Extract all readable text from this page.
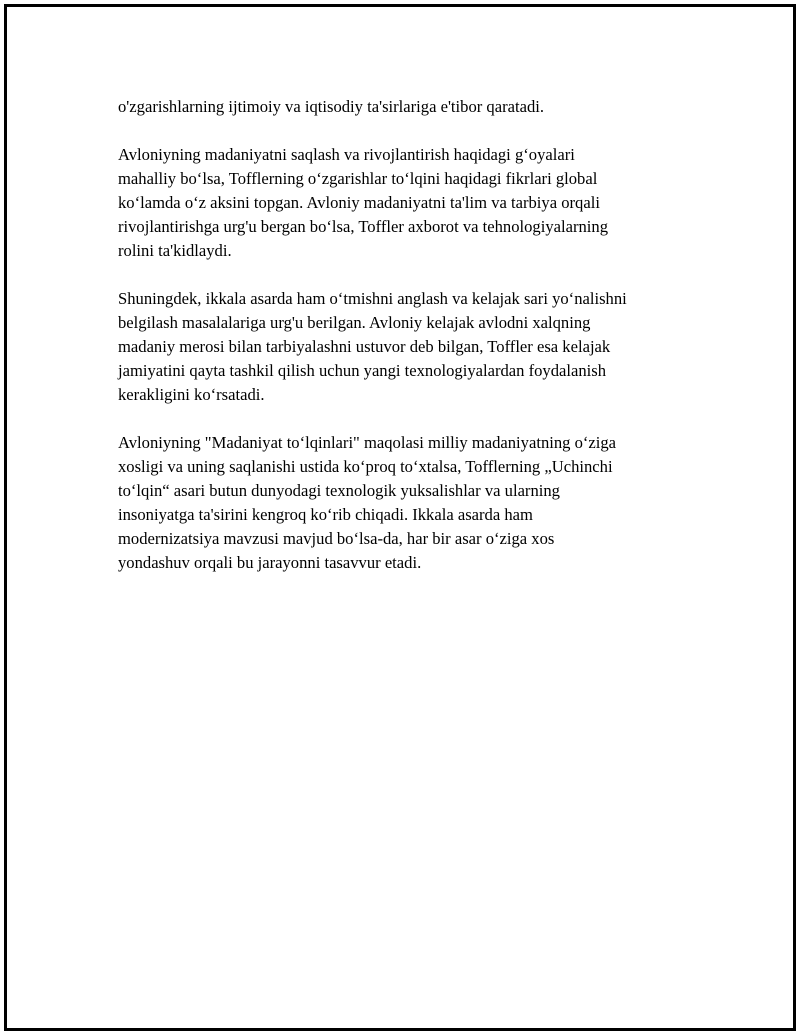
o'zgarishlarning ijtimoiy va iqtisodiy ta'sirlariga e'tibor qaratadi.

Avloniyning madaniyatni saqlash va rivojlantirish haqidagi g‘oyalari
mahalliy bo‘lsa, Tofflerning o‘zgarishlar to‘lqini haqidagi fikrlari global
ko‘lamda o‘z aksini topgan. Avloniy madaniyatni ta'lim va tarbiya orqali
rivojlantirishga urg'u bergan bo‘lsa, Toffler axborot va tehnologiyalarning
rolini ta'kidlaydi.

Shuningdek, ikkala asarda ham o‘tmishni anglash va kelajak sari yo‘nalishni
belgilash masalalariga urg'u berilgan. Avloniy kelajak avlodni xalqning
madaniy merosi bilan tarbiyalashni ustuvor deb bilgan, Toffler esa kelajak
jamiyatini qayta tashkil qilish uchun yangi texnologiyalardan foydalanish
kerakligini ko‘rsatadi.

Avloniyning "Madaniyat to‘lqinlari" maqolasi milliy madaniyatning o‘ziga
xosligi va uning saqlanishi ustida ko‘proq to‘xtalsa, Tofflerning „Uchinchi
to‘lqin“ asari butun dunyodagi texnologik yuksalishlar va ularning
insoniyatga ta'sirini kengroq ko‘rib chiqadi. Ikkala asarda ham
modernizatsiya mavzusi mavjud bo‘lsa-da, har bir asar o‘ziga xos
yondashuv orqali bu jarayonni tasavvur etadi.
